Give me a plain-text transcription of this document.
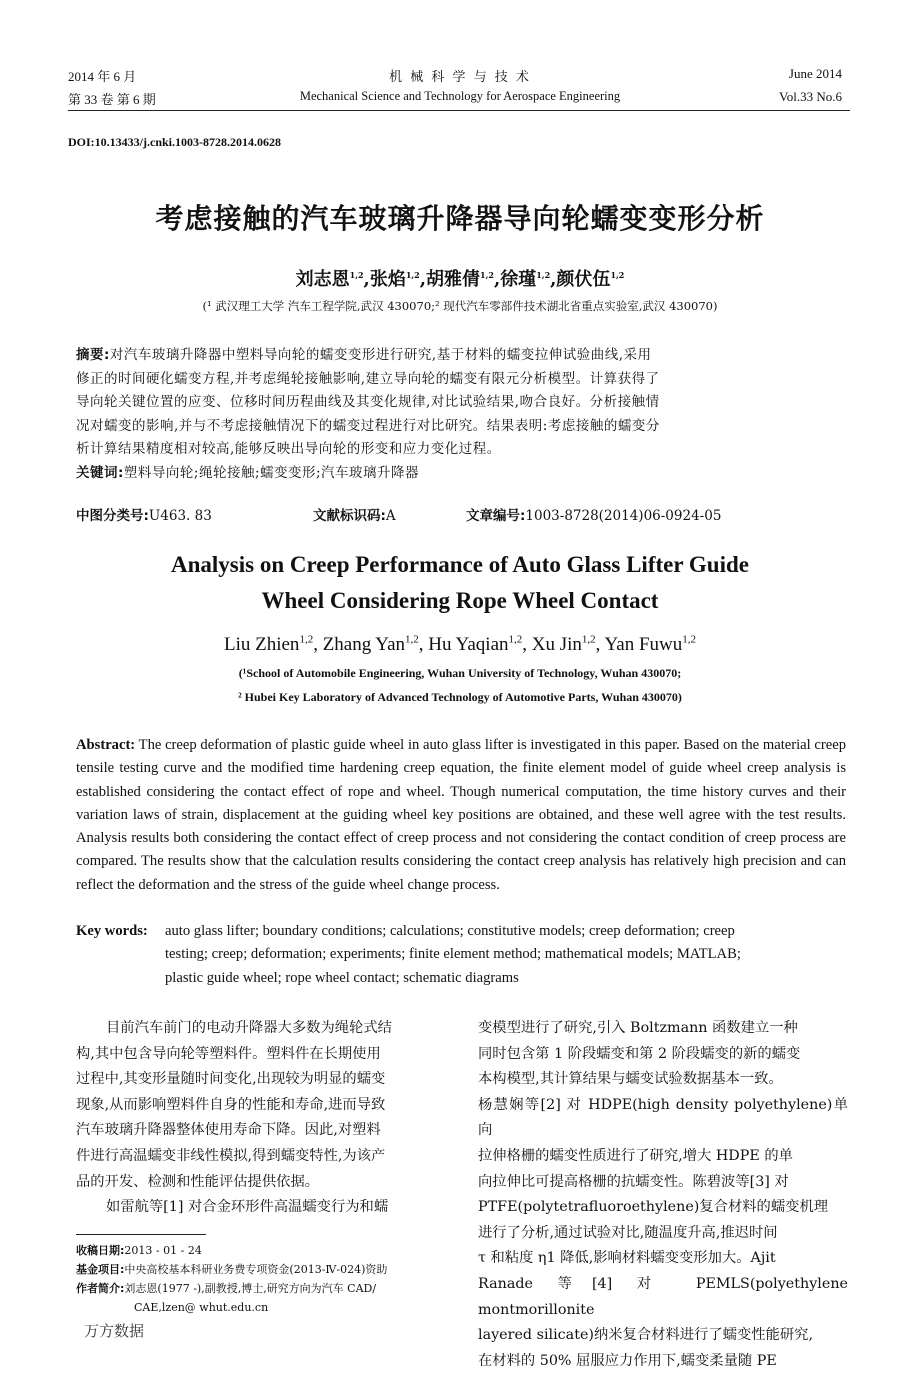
2014 年 6 月
第 33 卷 第 6 期
机 械 科 学 与 技 术
Mechanical Science and Technology for Aerospace Engineering
June 2014
Vol.33 No.6
DOI:10.13433/j.cnki.1003-8728.2014.0628
考虑接触的汽车玻璃升降器导向轮蠕变变形分析
刘志恩$^{1,2}$,张焰$^{1,2}$,胡雅倩$^{1,2}$,徐瑾$^{1,2}$,颜伏伍$^{1,2}$
(¹ 武汉理工大学 汽车工程学院,武汉 430070;² 现代汽车零部件技术湖北省重点实验室,武汉 430070)

摘要:对汽车玻璃升降器中塑料导向轮的蠕变变形进行研究,基于材料的蠕变拉伸试验曲线,采用

修正的时间硬化蠕变方程,并考虑绳轮接触影响,建立导向轮的蠕变有限元分析模型。计算获得了

导向轮关键位置的应变、位移时间历程曲线及其变化规律,对比试验结果,吻合良好。分析接触情

况对蠕变的影响,并与不考虑接触情况下的蠕变过程进行对比研究。结果表明:考虑接触的蠕变分

析计算结果精度相对较高,能够反映出导向轮的形变和应力变化过程。

关键词:塑料导向轮;绳轮接触;蠕变变形;汽车玻璃升降器

中图分类号:U463. 83	文献标识码:A	文章编号:1003-8728(2014)06-0924-05
Analysis on Creep Performance of Auto Glass Lifter Guide
Wheel Considering Rope Wheel Contact
Liu Zhien$^{1,2}$, Zhang Yan$^{1,2}$, Hu Yaqian$^{1,2}$, Xu Jin$^{1,2}$, Yan Fuwu$^{1,2}$
(¹School of Automobile Engineering, Wuhan University of Technology, Wuhan 430070;
² Hubei Key Laboratory of Advanced Technology of Automotive Parts, Wuhan 430070)
Abstract: The creep deformation of plastic guide wheel in auto glass lifter is investigated in this paper. Based on the material creep tensile testing curve and the modified time hardening creep equation, the finite element model of guide wheel creep analysis is established considering the contact effect of rope and wheel. Though numerical computation, the time history curves and their variation laws of strain, displacement at the guiding wheel key positions are obtained, and these well agree with the test results. Analysis results both considering the contact effect of creep process and not considering the contact condition of creep process are compared. The results show that the calculation results considering the contact creep analysis has relatively high precision and can reflect the deformation and the stress of the guide wheel change process.
Key words: auto glass lifter; boundary conditions; calculations; constitutive models; creep deformation; creep
testing; creep; deformation; experiments; finite element method; mathematical models; MATLAB;
plastic guide wheel; rope wheel contact; schematic diagrams

目前汽车前门的电动升降器大多数为绳轮式结

构,其中包含导向轮等塑料件。塑料件在长期使用

过程中,其变形量随时间变化,出现较为明显的蠕变

现象,从而影响塑料件自身的性能和寿命,进而导致

汽车玻璃升降器整体使用寿命下降。因此,对塑料

件进行高温蠕变非线性模拟,得到蠕变特性,为该产

品的开发、检测和性能评估提供依据。

如雷航等[1] 对合金环形件高温蠕变行为和蠕

收稿日期:2013 - 01 - 24
基金项目:中央高校基本科研业务费专项资金(2013-Ⅳ-024)资助
作者简介:刘志恩(1977 -),副教授,博士,研究方向为汽车 CAD/
CAE,lzen@ whut.edu.cn

变模型进行了研究,引入 Boltzmann 函数建立一种

同时包含第 1 阶段蠕变和第 2 阶段蠕变的新的蠕变

本构模型,其计算结果与蠕变试验数据基本一致。

杨慧娴等[2] 对 HDPE(high density polyethylene)单向

拉伸格栅的蠕变性质进行了研究,增大 HDPE 的单

向拉伸比可提高格栅的抗蠕变性。陈碧波等[3] 对

PTFE(polytetrafluoroethylene)复合材料的蠕变机理

进行了分析,通过试验对比,随温度升高,推迟时间

τ 和粘度 η1 降低,影响材料蠕变变形加大。Ajit

Ranade 等[4] 对 PEMLS(polyethylene montmorillonite

layered silicate)纳米复合材料进行了蠕变性能研究,

在材料的 50% 屈服应力作用下,蠕变柔量随 PE

万方数据
